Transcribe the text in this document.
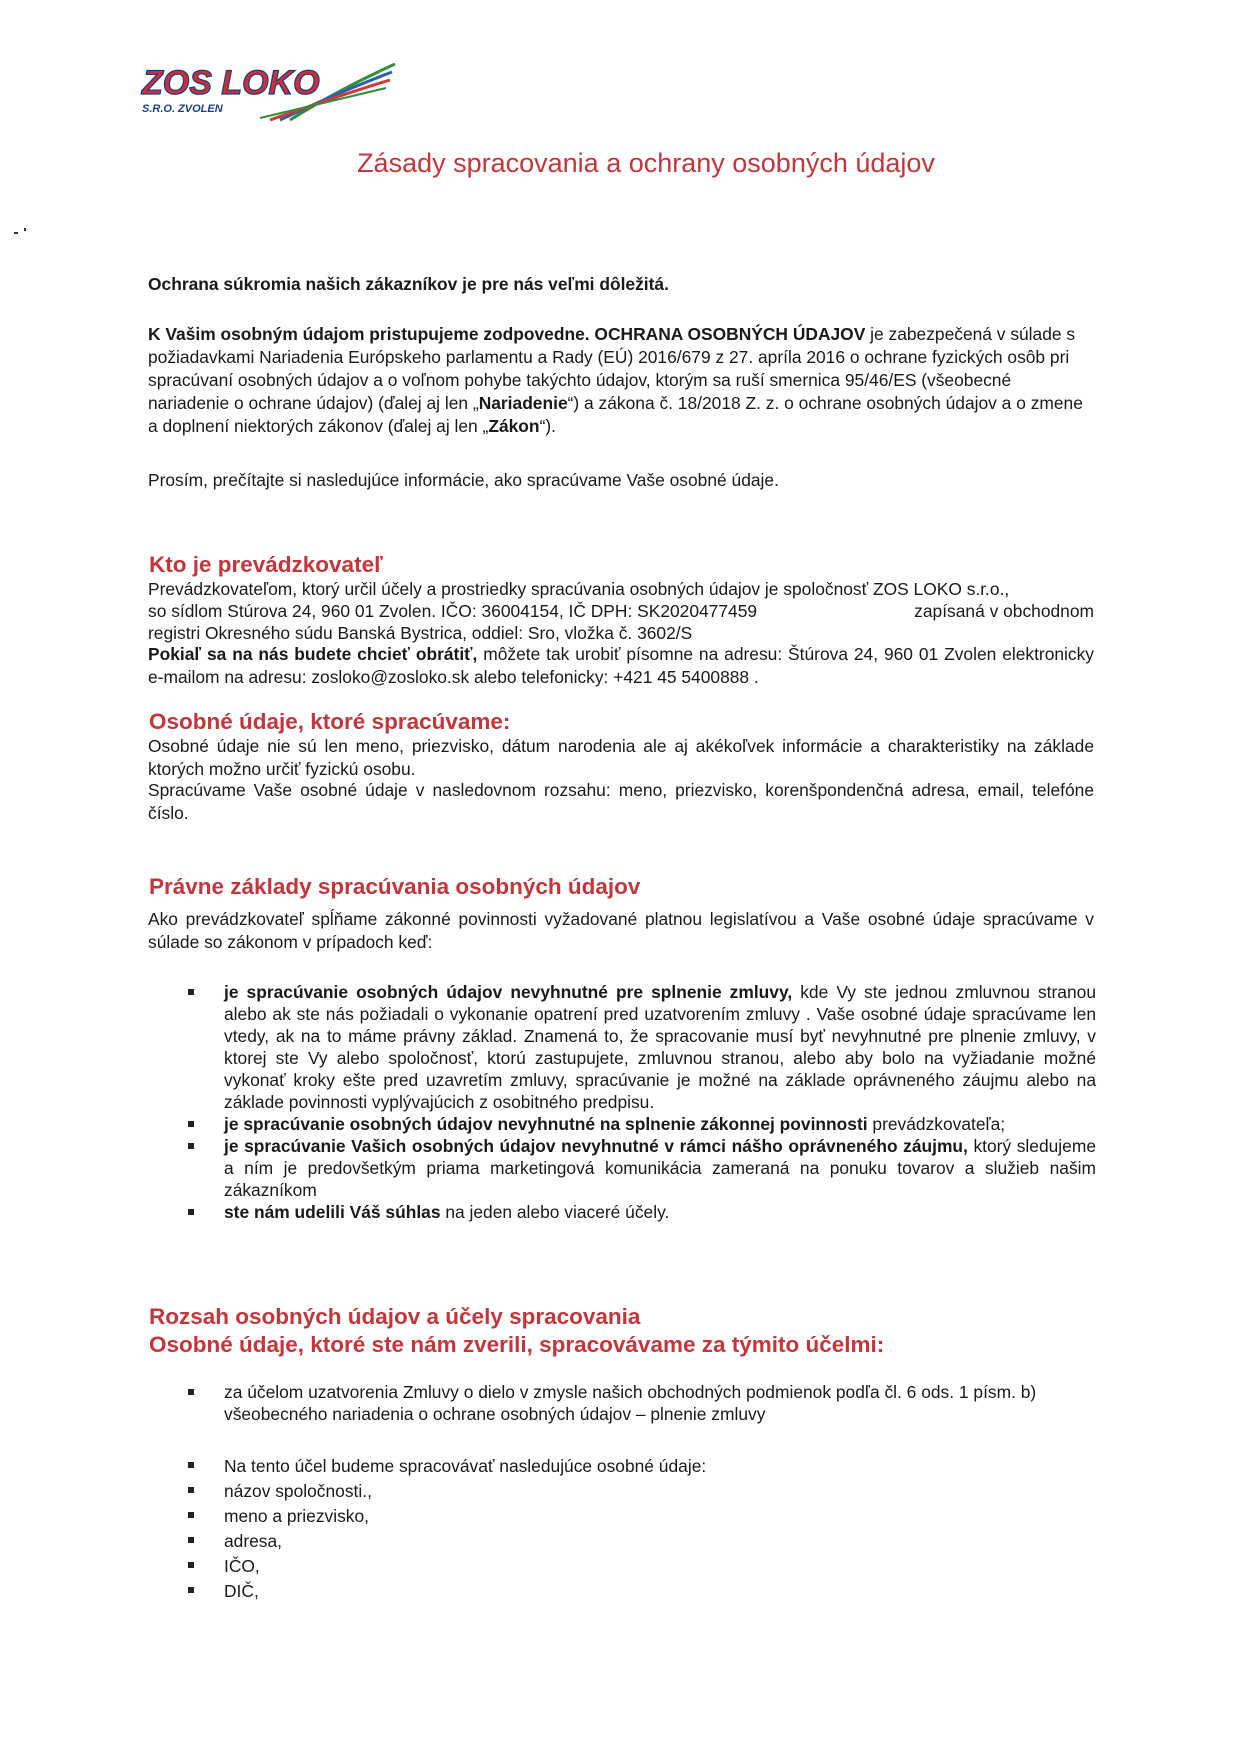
ZOS LOKO
S.R.O. ZVOLEN
Zásady spracovania a ochrany osobných údajov

Ochrana súkromia našich zákazníkov je pre nás veľmi dôležitá.

K Vašim osobným údajom pristupujeme zodpovedne. OCHRANA OSOBNÝCH ÚDAJOV je zabezpečená v súlade s požiadavkami Nariadenia Európskeho parlamentu a Rady (EÚ) 2016/679 z 27. apríla 2016 o ochrane fyzických osôb pri spracúvaní osobných údajov a o voľnom pohybe takýchto údajov, ktorým sa ruší smernica 95/46/ES (všeobecné nariadenie o ochrane údajov) (ďalej aj len „Nariadenie“) a zákona č. 18/2018 Z. z. o ochrane osobných údajov a o zmene a doplnení niektorých zákonov (ďalej aj len „Zákon“).

Prosím, prečítajte si nasledujúce informácie, ako spracúvame Vaše osobné údaje.

Kto je prevádzkovateľ

Prevádzkovateľom, ktorý určil účely a prostriedky spracúvania osobných údajov je spoločnosť ZOS LOKO s.r.o.,

so sídlom Stúrova 24, 960 01 Zvolen. IČO: 36004154, IČ DPH: SK2020477459	zapísaná v obchodnom

registri Okresného súdu Banská Bystrica, oddiel: Sro, vložka č. 3602/S

Pokiaľ sa na nás budete chcieť obrátiť, môžete tak urobiť písomne na adresu: Štúrova 24, 960 01 Zvolen elektronicky e-mailom na adresu: zosloko@zosloko.sk alebo telefonicky: +421 45 5400888 .

Osobné údaje, ktoré spracúvame:

Osobné údaje nie sú len meno, priezvisko, dátum narodenia ale aj akékoľvek informácie a charakteristiky na základe ktorých možno určiť fyzickú osobu.

Spracúvame Vaše osobné údaje v nasledovnom rozsahu: meno, priezvisko, korenšpondenčná adresa, email, telefóne číslo.

Právne základy spracúvania osobných údajov

Ako prevádzkovateľ spĺňame zákonné povinnosti vyžadované platnou legislatívou a Vaše osobné údaje spracúvame v súlade so zákonom v prípadoch keď:

je spracúvanie osobných údajov nevyhnutné pre splnenie zmluvy, kde Vy ste jednou zmluvnou stranou alebo ak ste nás požiadali o vykonanie opatrení pred uzatvorením zmluvy . Vaše osobné údaje spracúvame len vtedy, ak na to máme právny základ. Znamená to, že spracovanie musí byť nevyhnutné pre plnenie zmluvy, v ktorej ste Vy alebo spoločnosť, ktorú zastupujete, zmluvnou stranou, alebo aby bolo na vyžiadanie možné vykonať kroky ešte pred uzavretím zmluvy, spracúvanie je možné na základe oprávneného záujmu alebo na základe povinnosti vyplývajúcich z osobitného predpisu.
je spracúvanie osobných údajov nevyhnutné na splnenie zákonnej povinnosti prevádzkovateľa;
je spracúvanie Vašich osobných údajov nevyhnutné v rámci nášho oprávneného záujmu, ktorý sledujeme a ním je predovšetkým priama marketingová komunikácia zameraná na ponuku tovarov a služieb našim zákazníkom
ste nám udelili Váš súhlas na jeden alebo viaceré účely.
Rozsah osobných údajov a účely spracovania
Osobné údaje, ktoré ste nám zverili, spracovávame za týmito účelmi:
za účelom uzatvorenia Zmluvy o dielo v zmysle našich obchodných podmienok podľa čl. 6 ods. 1 písm. b) všeobecného nariadenia o ochrane osobných údajov – plnenie zmluvy
Na tento účel budeme spracovávať nasledujúce osobné údaje:
názov spoločnosti.,
meno a priezvisko,
adresa,
IČO,
DIČ,
